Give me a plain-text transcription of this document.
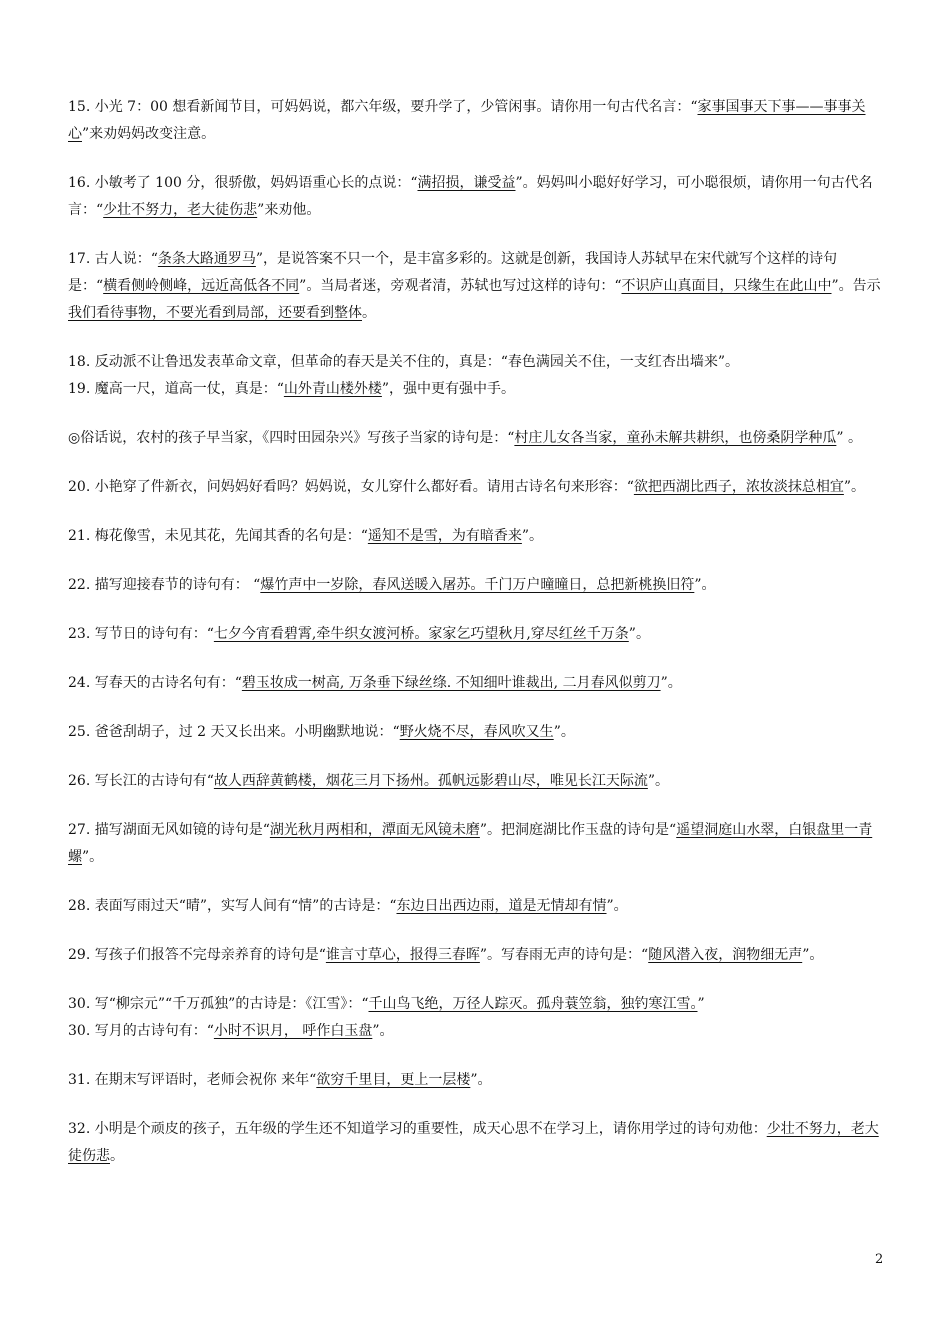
15. 小光 7：00 想看新闻节目，可妈妈说，都六年级，要升学了，少管闲事。请你用一句古代名言：“家事国事天下事——事事关心”来劝妈妈改变注意。

16. 小敏考了 100 分，很骄傲，妈妈语重心长的点说：“满招损，谦受益”。妈妈叫小聪好好学习，可小聪很烦，请你用一句古代名言：“少壮不努力，老大徒伤悲”来劝他。

17. 古人说：“条条大路通罗马”，是说答案不只一个，是丰富多彩的。这就是创新，我国诗人苏轼早在宋代就写个这样的诗句是：“横看侧岭侧峰，远近高低各不同”。当局者迷，旁观者清，苏轼也写过这样的诗句：“不识庐山真面目，只缘生在此山中”。告示我们看待事物，不要光看到局部，还要看到整体。

18. 反动派不让鲁迅发表革命文章，但革命的春天是关不住的，真是：“春色满园关不住，一支红杏出墙来”。

19. 魔高一尺，道高一仗，真是：“山外青山楼外楼”，强中更有强中手。

◎俗话说，农村的孩子早当家，《四时田园杂兴》写孩子当家的诗句是：“村庄儿女各当家，童孙未解共耕织，也傍桑阴学种瓜” 。

20. 小艳穿了件新衣，问妈妈好看吗？妈妈说，女儿穿什么都好看。请用古诗名句来形容：“欲把西湖比西子，浓妆淡抹总相宜”。

21. 梅花像雪，未见其花，先闻其香的名句是：“遥知不是雪，为有暗香来”。

22. 描写迎接春节的诗句有： “爆竹声中一岁除，春风送暖入屠苏。千门万户曈曈日，总把新桃换旧符”。

23. 写节日的诗句有：“七夕今宵看碧霄,牵牛织女渡河桥。家家乞巧望秋月,穿尽红丝千万条”。

24. 写春天的古诗名句有：“碧玉妆成一树高, 万条垂下绿丝绦. 不知细叶谁裁出, 二月春风似剪刀”。

25. 爸爸刮胡子，过 2 天又长出来。小明幽默地说：“野火烧不尽，春风吹又生”。

26. 写长江的古诗句有“故人西辞黄鹤楼，烟花三月下扬州。孤帆远影碧山尽，唯见长江天际流”。

27. 描写湖面无风如镜的诗句是“湖光秋月两相和，潭面无风镜未磨”。把洞庭湖比作玉盘的诗句是“遥望洞庭山水翠，白银盘里一青螺”。

28. 表面写雨过天“晴”，实写人间有“情”的古诗是：“东边日出西边雨，道是无情却有情”。

29. 写孩子们报答不完母亲养育的诗句是“谁言寸草心，报得三春晖”。写春雨无声的诗句是：“随风潜入夜，润物细无声”。

30. 写“柳宗元”“千万孤独”的古诗是：《江雪》：“千山鸟飞绝，万径人踪灭。孤舟蓑笠翁，独钓寒江雪。”

30. 写月的古诗句有：“小时不识月， 呼作白玉盘”。

31. 在期末写评语时，老师会祝你 来年“欲穷千里目，更上一层楼”。

32. 小明是个顽皮的孩子，五年级的学生还不知道学习的重要性，成天心思不在学习上，请你用学过的诗句劝他：少壮不努力，老大徒伤悲。

2
